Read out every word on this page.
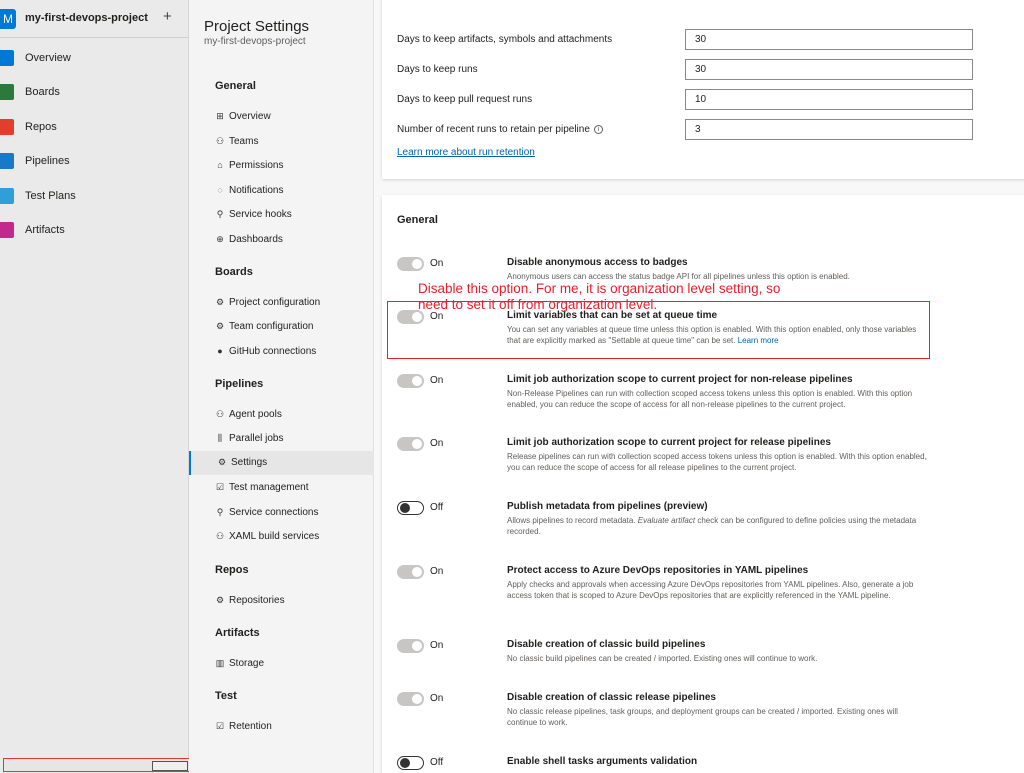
M my-first-devops-project +
Overview
Boards
Repos
Pipelines
Test Plans
Artifacts
Project Settings
my-first-devops-project
General
⊞ Overview
⚇ Teams
⌂ Permissions
◌ Notifications
⚲ Service hooks
⊕ Dashboards
Boards
⚙ Project configuration
⚙ Team configuration
● GitHub connections
Pipelines
⚇ Agent pools
⫼ Parallel jobs
⚙ Settings
☑ Test management
⚲ Service connections
⚇ XAML build services
Repos
⚙ Repositories
Artifacts
▥ Storage
Test
☑ Retention
Days to keep artifacts, symbols and attachments	30
Days to keep runs	30
Days to keep pull request runs	10
Number of recent runs to retain per pipeline i	3
Learn more about run retention
General
On	Disable anonymous access to badges
Anonymous users can access the status badge API for all pipelines unless this option is enabled.
On	Limit variables that can be set at queue time
You can set any variables at queue time unless this option is enabled. With this option enabled, only those variables that are explicitly marked as "Settable at queue time" can be set. Learn more
On	Limit job authorization scope to current project for non-release pipelines
Non-Release Pipelines can run with collection scoped access tokens unless this option is enabled. With this option enabled, you can reduce the scope of access for all non-release pipelines to the current project.
On	Limit job authorization scope to current project for release pipelines
Release pipelines can run with collection scoped access tokens unless this option is enabled. With this option enabled, you can reduce the scope of access for all release pipelines to the current project.
Off	Publish metadata from pipelines (preview)
Allows pipelines to record metadata. Evaluate artifact check can be configured to define policies using the metadata recorded.
On	Protect access to Azure DevOps repositories in YAML pipelines
Apply checks and approvals when accessing Azure DevOps repositories from YAML pipelines. Also, generate a job access token that is scoped to Azure DevOps repositories that are explicitly referenced in the YAML pipeline.
On	Disable creation of classic build pipelines
No classic build pipelines can be created / imported. Existing ones will continue to work.
On	Disable creation of classic release pipelines
No classic release pipelines, task groups, and deployment groups can be created / imported. Existing ones will continue to work.
Off	Enable shell tasks arguments validation
Disable this option. For me, it is organization level setting, so need to set it off from organization level.
